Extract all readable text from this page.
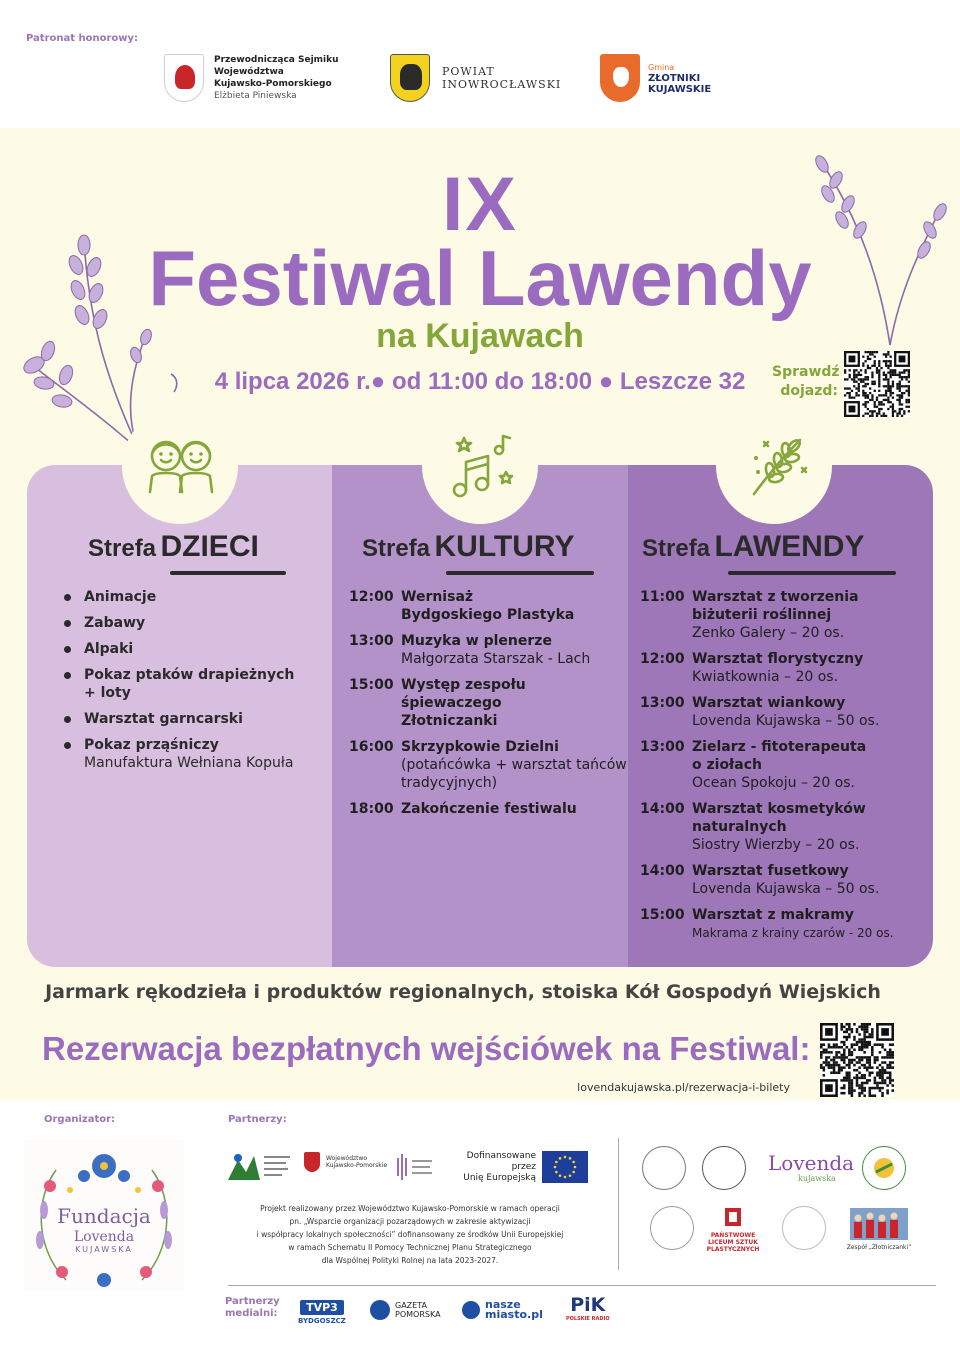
Patronat honorowy:
Przewodnicząca Sejmiku
Województwa
Kujawsko-Pomorskiego
Elżbieta Piniewska
POWIAT
INOWROCŁAWSKI
Gmina
ZŁOTNIKI
KUJAWSKIE
IX
Festiwal Lawendy
na Kujawach
4 lipca 2026 r.● od 11:00 do 18:00 ● Leszcze 32	Sprawdź
dojazd:
Strefa DZIECI	Strefa KULTURY	Strefa LAWENDY
Animacje
Zabawy
Alpaki
Pokaz ptaków drapieżnych
+ loty
Warsztat garncarski
Pokaz prząśniczy
Manufaktura Wełniana Kopuła
12:00 Wernisaż
Bydgoskiego Plastyka
13:00 Muzyka w plenerze
Małgorzata Starszak - Lach
15:00 Występ zespołu śpiewaczego
Złotniczanki
16:00 Skrzypkowie Dzielni
(potańcówka + warsztat tańców
tradycyjnych)
18:00 Zakończenie festiwalu
11:00 Warsztat z tworzenia
biżuterii roślinnej
Zenko Galery – 20 os.
12:00 Warsztat florystyczny
Kwiatkownia – 20 os.
13:00 Warsztat wiankowy
Lovenda Kujawska – 50 os.
13:00 Zielarz - fitoterapeuta
o ziołach
Ocean Spokoju – 20 os.
14:00 Warsztat kosmetyków
naturalnych
Siostry Wierzby – 20 os.
14:00 Warsztat fusetkowy
Lovenda Kujawska – 50 os.
15:00 Warsztat z makramy
Makrama z krainy czarów - 20 os.
Jarmark rękodzieła i produktów regionalnych, stoiska Kół Gospodyń Wiejskich
Rezerwacja bezpłatnych wejściówek na Festiwal:
lovendakujawska.pl/rezerwacja-i-bilety
Organizator:	Partnerzy:
Fundacja
Lovenda
KUJAWSKA
Województwo
Kujawsko-Pomorskie
Dofinansowane przez
Unię Europejską
Projekt realizowany przez Województwo Kujawsko-Pomorskie w ramach operacji
pn. „Wsparcie organizacji pozarządowych w zakresie aktywizacji
i współpracy lokalnych społeczności” dofinansowany ze środków Unii Europejskiej
w ramach Schematu II Pomocy Technicznej Planu Strategicznego
dla Wspólnej Polityki Rolnej na lata 2023-2027.
Lovenda
kujawska
PAŃSTWOWE LICEUM SZTUK PLASTYCZNYCH	Zespół „Złotniczanki”
Partnerzy
medialni:	TVP3
BYDGOSZCZ
GAZETA
POMORSKA
nasze
miasto.pl PiK
POLSKIE RADIO
